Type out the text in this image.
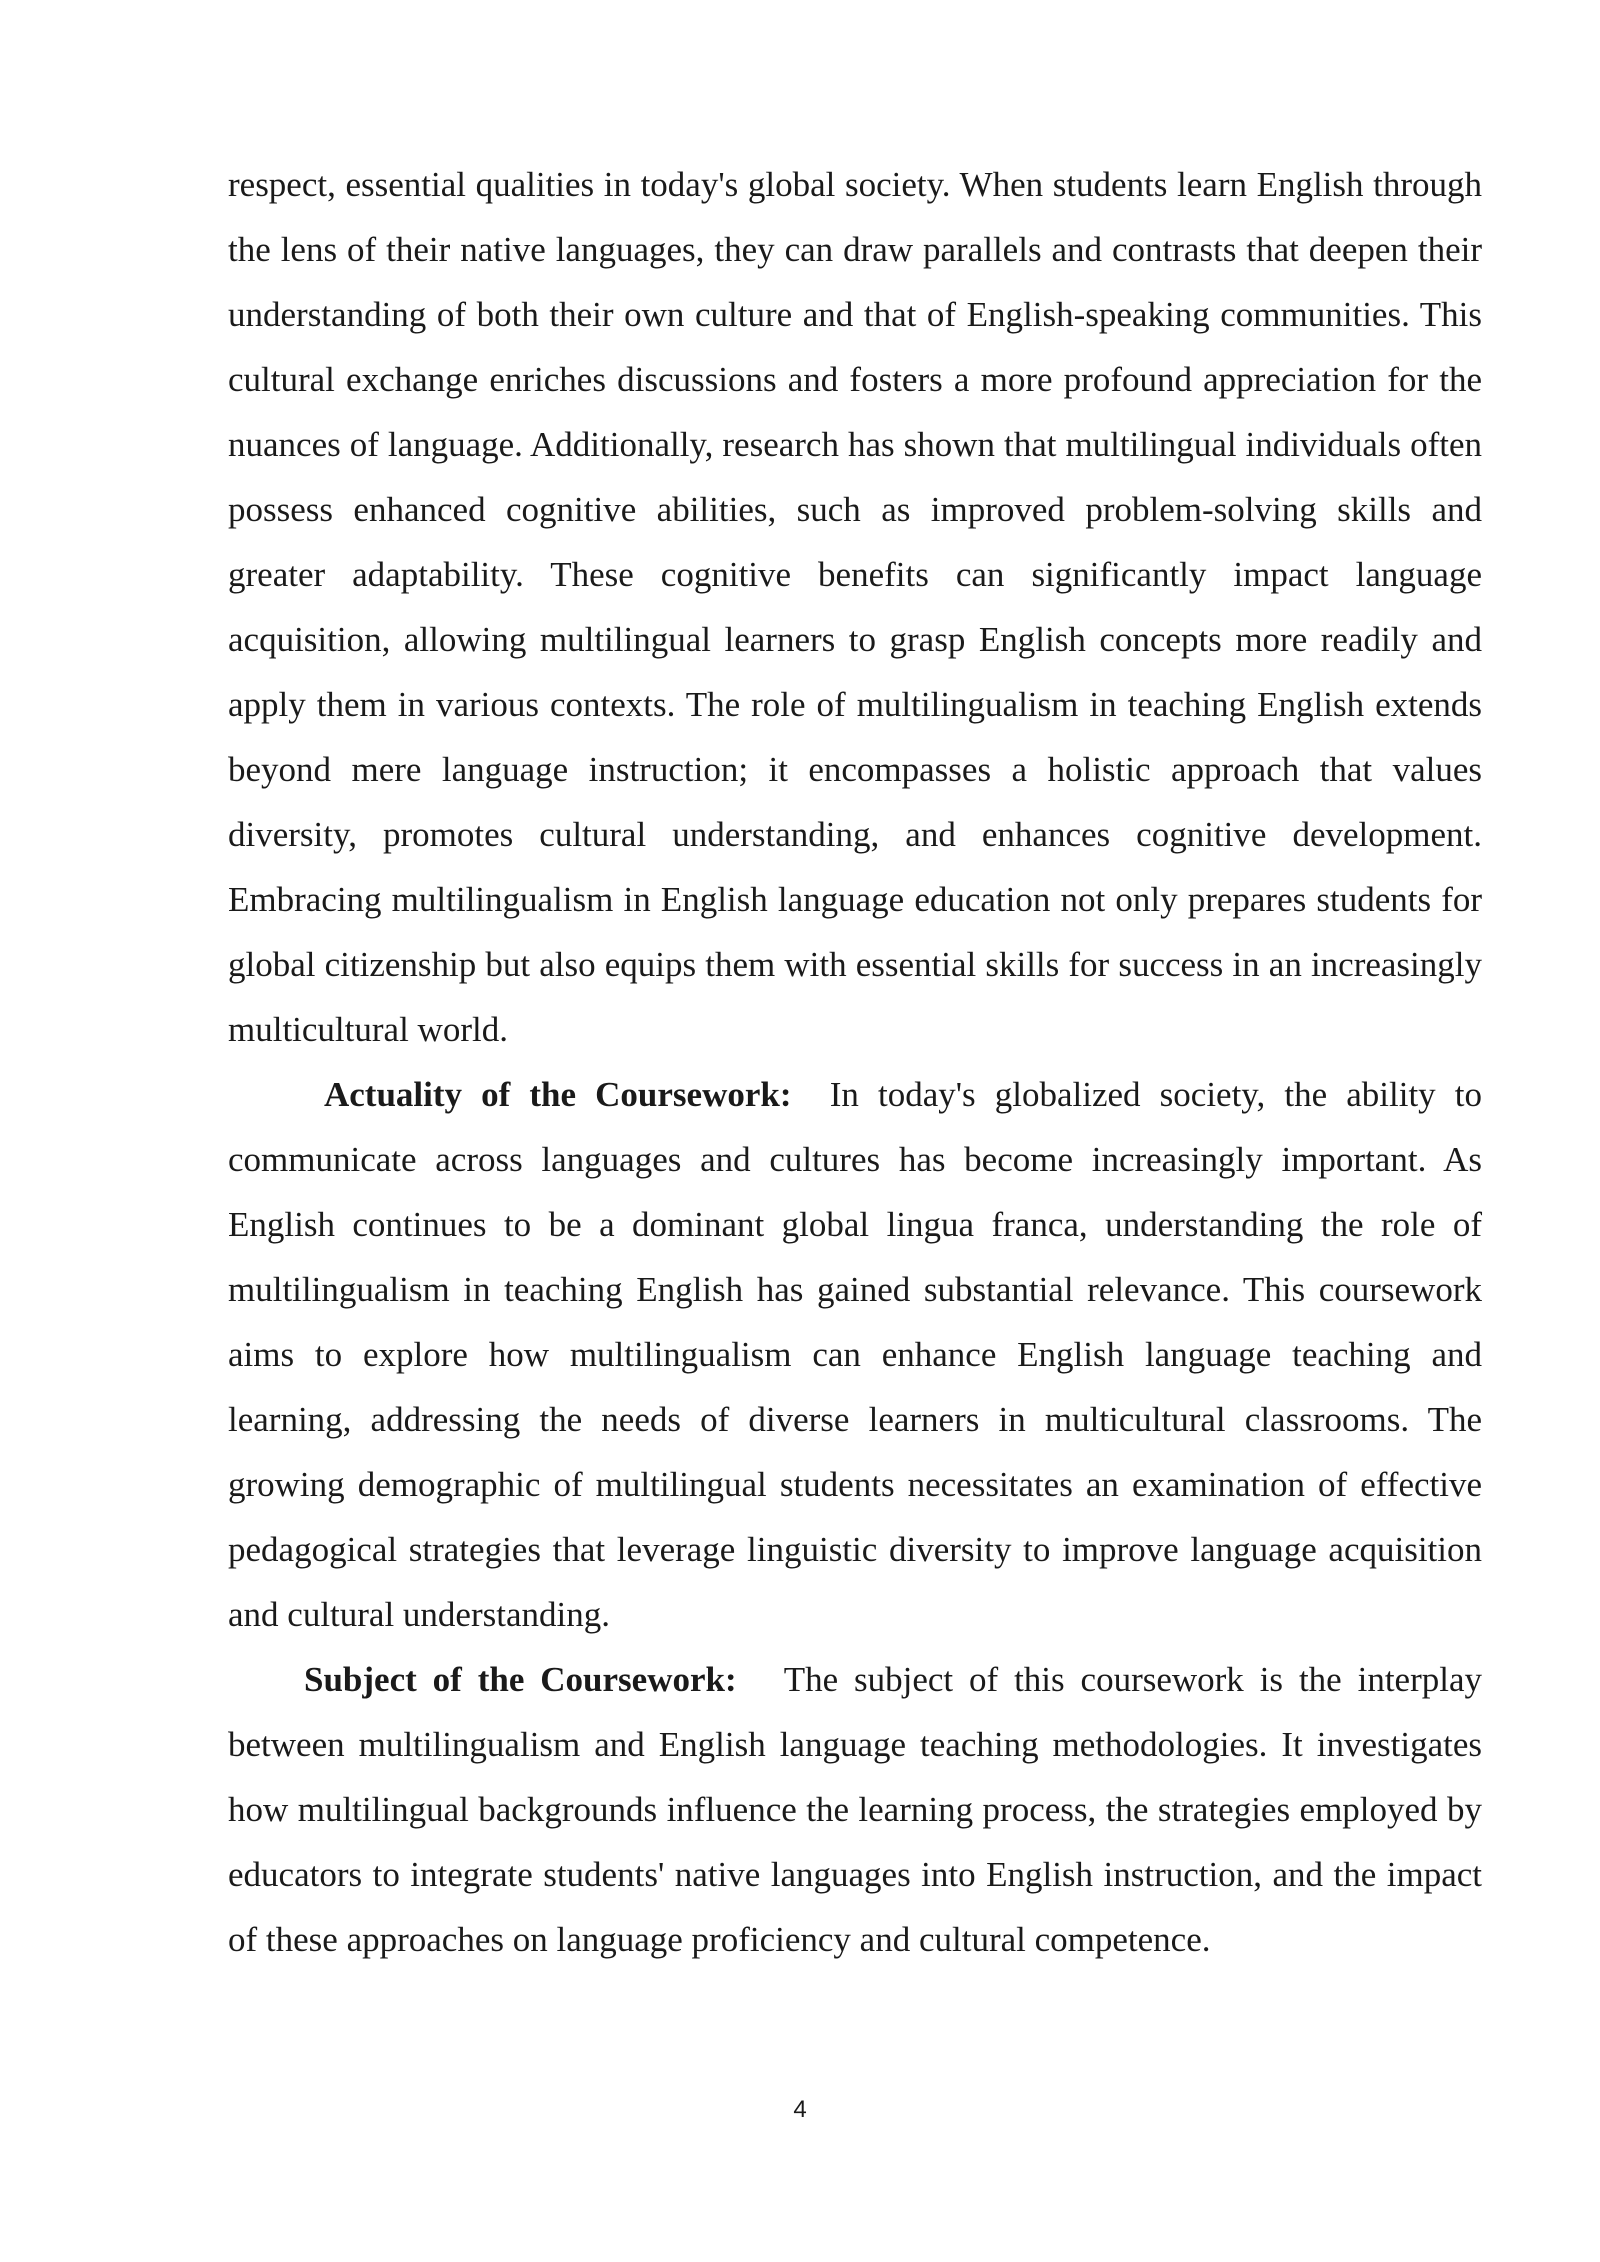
respect, essential qualities in today's global society. When students learn English through the lens of their native languages, they can draw parallels and contrasts that deepen their understanding of both their own culture and that of English-speaking communities. This cultural exchange enriches discussions and fosters a more profound appreciation for the nuances of language. Additionally, research has shown that multilingual individuals often possess enhanced cognitive abilities, such as improved problem-solving skills and greater adaptability. These cognitive benefits can significantly impact language acquisition, allowing multilingual learners to grasp English concepts more readily and apply them in various contexts. The role of multilingualism in teaching English extends beyond mere language instruction; it encompasses a holistic approach that values diversity, promotes cultural understanding, and enhances cognitive development. Embracing multilingualism in English language education not only prepares students for global citizenship but also equips them with essential skills for success in an increasingly multicultural world.

Actuality of the Coursework: In today's globalized society, the ability to communicate across languages and cultures has become increasingly important. As English continues to be a dominant global lingua franca, understanding the role of multilingualism in teaching English has gained substantial relevance. This coursework aims to explore how multilingualism can enhance English language teaching and learning, addressing the needs of diverse learners in multicultural classrooms. The growing demographic of multilingual students necessitates an examination of effective pedagogical strategies that leverage linguistic diversity to improve language acquisition and cultural understanding.

Subject of the Coursework: The subject of this coursework is the interplay between multilingualism and English language teaching methodologies. It investigates how multilingual backgrounds influence the learning process, the strategies employed by educators to integrate students' native languages into English instruction, and the impact of these approaches on language proficiency and cultural competence.

4
